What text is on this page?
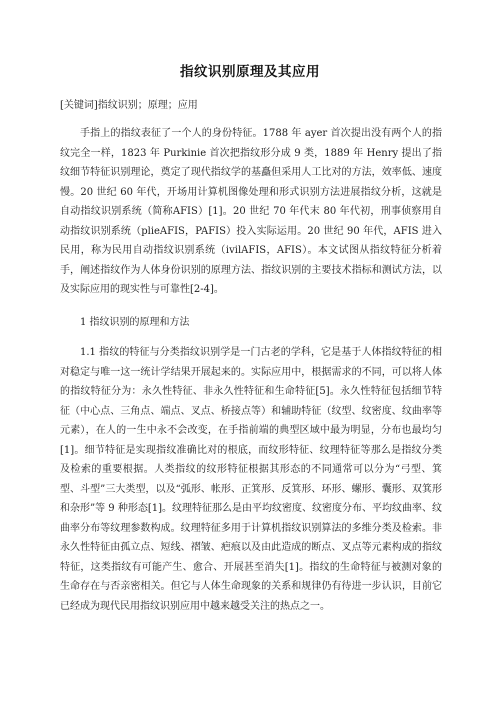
指纹识别原理及其应用
[关键词]指纹识别；原理；应用
手指上的指纹表征了一个人的身份特征。1788 年 ayer 首次提出没有两个人的指纹完全一样，1823 年 Purkinie 首次把指纹形分成 9 类，1889 年 Henry 提出了指纹细节特征识别理论，奠定了现代指纹学的基矗但采用人工比对的方法，效率低、速度慢。20 世纪 60 年代，开场用计算机图像处理和形式识别方法进展指纹分析，这就是自动指纹识别系统（简称AFIS）[1]。20 世纪 70 年代末 80 年代初，刑事侦察用自动指纹识别系统（plieAFIS，PAFIS）投入实际运用。20 世纪 90 年代，AFIS 进入民用，称为民用自动指纹识别系统（ivilAFIS，AFIS）。本文试图从指纹特征分析着手，阐述指纹作为人体身份识别的原理方法、指纹识别的主要技术指标和测试方法，以及实际应用的现实性与可靠性[2-4]。
1 指纹识别的原理和方法
1.1 指纹的特征与分类指纹识别学是一门古老的学科，它是基于人体指纹特征的相对稳定与唯一这一统计学结果开展起来的。实际应用中，根据需求的不同，可以将人体的指纹特征分为：永久性特征、非永久性特征和生命特征[5]。永久性特征包括细节特征（中心点、三角点、端点、叉点、桥接点等）和辅助特征（纹型、纹密度、纹曲率等元素），在人的一生中永不会改变，在手指前端的典型区域中最为明显，分布也最均匀[1]。细节特征是实现指纹准确比对的根底，而纹形特征、纹理特征等那么是指纹分类及检索的重要根据。人类指纹的纹形特征根据其形态的不同通常可以分为“弓型、箕型、斗型”三大类型，以及“弧形、帐形、正箕形、反箕形、环形、螺形、囊形、双箕形和杂形”等 9 种形态[1]。纹理特征那么是由平均纹密度、纹密度分布、平均纹曲率、纹曲率分布等纹理参数构成。纹理特征多用于计算机指纹识别算法的多维分类及检索。非永久性特征由孤立点、短线、褶皱、疤痕以及由此造成的断点、叉点等元素构成的指纹特征，这类指纹有可能产生、愈合、开展甚至消失[1]。指纹的生命特征与被测对象的生命存在与否亲密相关。但它与人体生命现象的关系和规律仍有待进一步认识，目前它已经成为现代民用指纹识别应用中越来越受关注的热点之一。
